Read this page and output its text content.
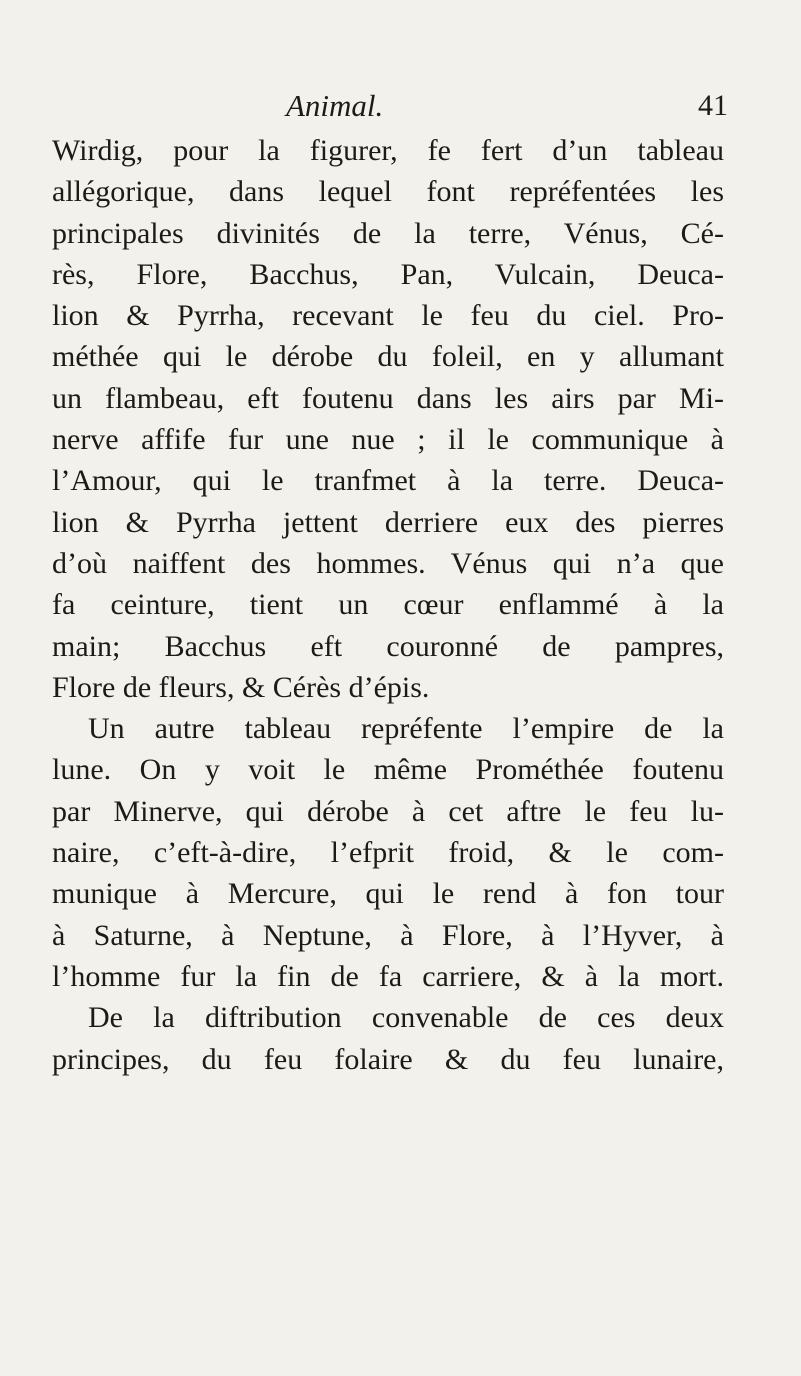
Animal.	41
Wirdig, pour la figurer, fe fert d’un tableau
allégorique, dans lequel font repréfentées les
principales divinités de la terre, Vénus, Cé-
rès, Flore, Bacchus, Pan, Vulcain, Deuca-
lion & Pyrrha, recevant le feu du ciel. Pro-
méthée qui le dérobe du foleil, en y allumant
un flambeau, eft foutenu dans les airs par Mi-
nerve affife fur une nue ; il le communique à
l’Amour, qui le tranfmet à la terre. Deuca-
lion & Pyrrha jettent derriere eux des pierres
d’où naiffent des hommes. Vénus qui n’a que
fa ceinture, tient un cœur enflammé à la
main; Bacchus eft couronné de pampres,
Flore de fleurs, & Cérès d’épis.
Un autre tableau repréfente l’empire de la
lune. On y voit le même Prométhée foutenu
par Minerve, qui dérobe à cet aftre le feu lu-
naire, c’eft-à-dire, l’efprit froid, & le com-
munique à Mercure, qui le rend à fon tour
à Saturne, à Neptune, à Flore, à l’Hyver, à
l’homme fur la fin de fa carriere, & à la mort.
De la diftribution convenable de ces deux
principes, du feu folaire & du feu lunaire,
